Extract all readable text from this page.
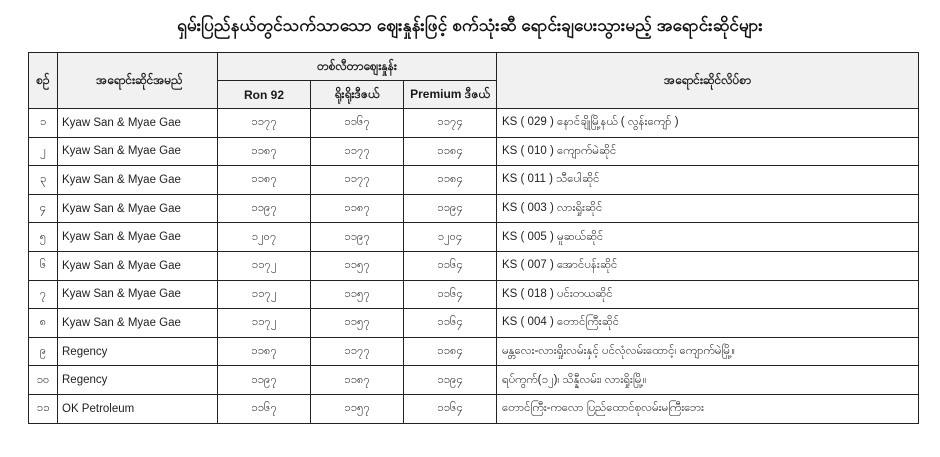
ရှမ်းပြည်နယ်တွင်သက်သာသော ဈေးနှုန်းဖြင့် စက်သုံးဆီ ရောင်းချပေးသွားမည့် အရောင်းဆိုင်များ
စဉ်	အရောင်းဆိုင်အမည်	တစ်လီတာဈေးနှုန်း			အရောင်းဆိုင်လိပ်စာ
		Ron 92	ရိုးရိုးဒီဇယ်	Premium ဒီဇယ်	
၁	Kyaw San & Myae Gae	၁၁၇၇	၁၁၆၇	၁၁၇၄	KS ( 029 ) နောင်ချိုမြို့နယ် ( လွန်းကျော် )
၂	Kyaw San & Myae Gae	၁၁၈၇	၁၁၇၇	၁၁၈၄	KS ( 010 ) ကျောက်မဲဆိုင်
၃	Kyaw San & Myae Gae	၁၁၈၇	၁၁၇၇	၁၁၈၄	KS ( 011 ) သီပေါဆိုင်
၄	Kyaw San & Myae Gae	၁၁၉၇	၁၁၈၇	၁၁၉၄	KS ( 003 ) လားရှိုးဆိုင်
၅	Kyaw San & Myae Gae	၁၂၀၇	၁၁၉၇	၁၂၀၄	KS ( 005 ) မူဆယ်ဆိုင်
၆	Kyaw San & Myae Gae	၁၁၇၂	၁၁၅၇	၁၁၆၄	KS ( 007 ) အောင်ပန်းဆိုင်
၇	Kyaw San & Myae Gae	၁၁၇၂	၁၁၅၇	၁၁၆၄	KS ( 018 ) ပင်းတယဆိုင်
၈	Kyaw San & Myae Gae	၁၁၇၂	၁၁၅၇	၁၁၆၄	KS ( 004 ) တောင်ကြီးဆိုင်
၉	Regency	၁၁၈၇	၁၁၇၇	၁၁၈၄	မန္တလေး-လားရှိုးလမ်းနှင့် ပင်လုံလမ်းထောင့်၊ ကျောက်မဲမြို့။
၁၀	Regency	၁၁၉၇	၁၁၈၇	၁၁၉၄	ရပ်ကွက်(၁၂)၊ သိန္နီလမ်း၊ လားရှိုးမြို့။
၁၁	OK Petroleum	၁၁၆၇	၁၁၅၇	၁၁၆၄	တောင်ကြီး-ကလော ပြည်ထောင်စုလမ်းမကြီးဘေး
